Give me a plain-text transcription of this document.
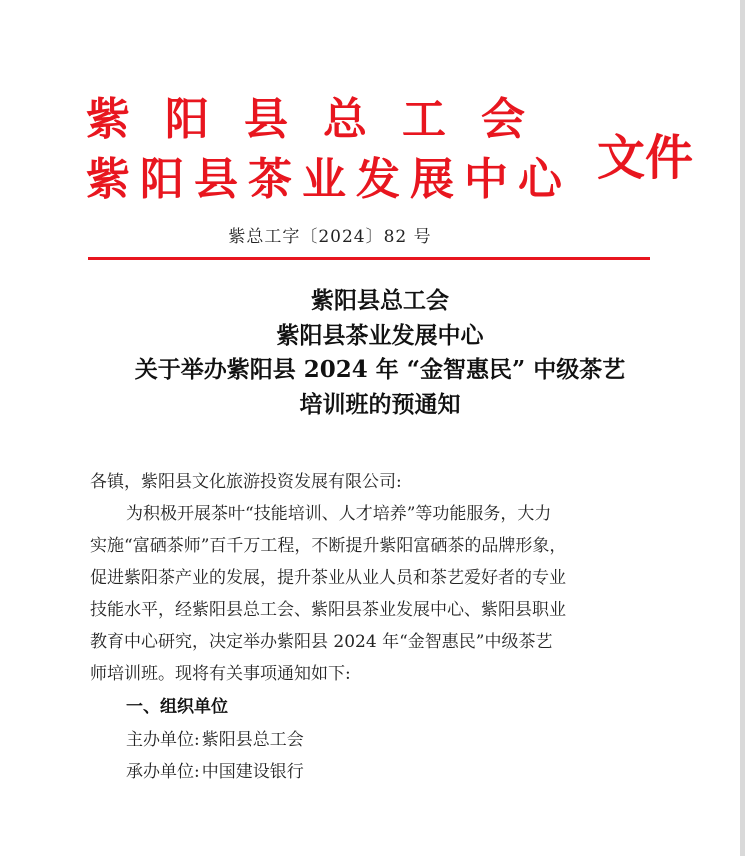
紫阳县总工会
紫阳县茶业发展中心 文件
紫总工字〔2024〕82 号
紫阳县总工会
紫阳县茶业发展中心
关于举办紫阳县 2024 年 “金智惠民” 中级茶艺
培训班的预通知
各镇，紫阳县文化旅游投资发展有限公司:
为积极开展茶叶“技能培训、人才培养”等功能服务，大力
实施“富硒茶师”百千万工程，不断提升紫阳富硒茶的品牌形象，
促进紫阳茶产业的发展，提升茶业从业人员和茶艺爱好者的专业
技能水平，经紫阳县总工会、紫阳县茶业发展中心、紫阳县职业
教育中心研究，决定举办紫阳县 2024 年“金智惠民”中级茶艺
师培训班。现将有关事项通知如下:
一、组织单位
主办单位: 紫阳县总工会
承办单位: 中国建设银行
